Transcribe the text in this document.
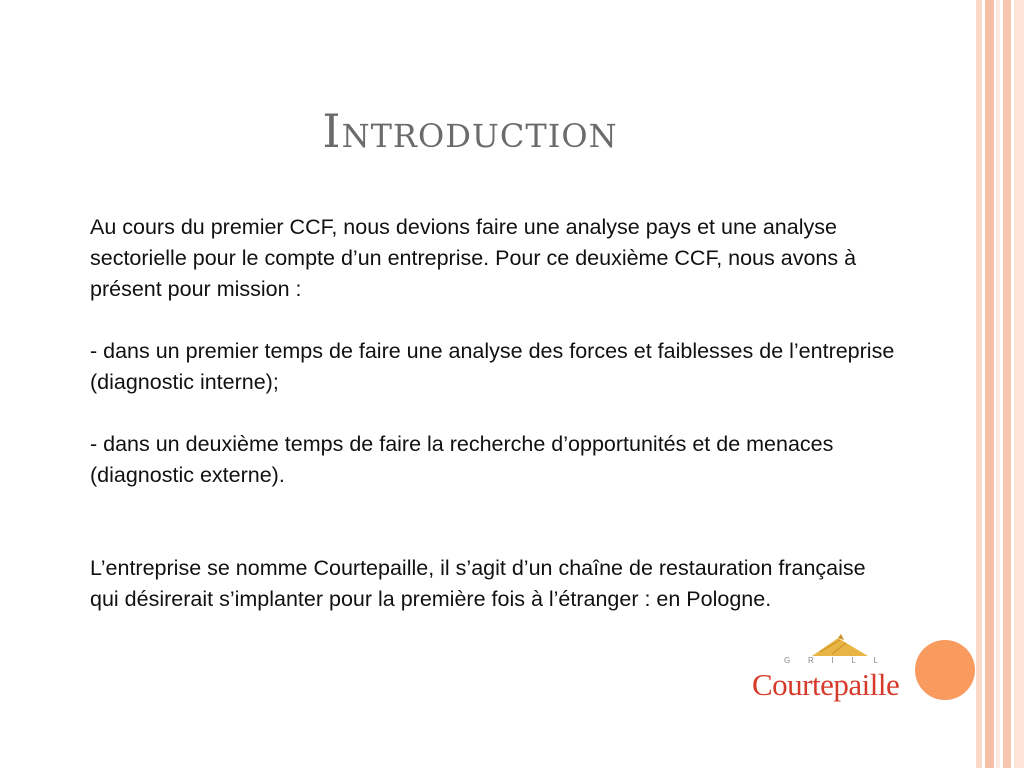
Introduction

Au cours du premier CCF, nous devions faire une analyse pays et une analyse sectorielle pour le compte d’un entreprise. Pour ce deuxième CCF, nous avons à présent pour mission :

- dans un premier temps de faire une analyse des forces et faiblesses de l’entreprise (diagnostic interne);

- dans un deuxième temps de faire la recherche d’opportunités et de menaces (diagnostic externe).

L’entreprise se nomme Courtepaille, il s’agit d’un chaîne de restauration française qui désirerait s’implanter pour la première fois à l’étranger : en Pologne.

G R I L L
Courtepaille
